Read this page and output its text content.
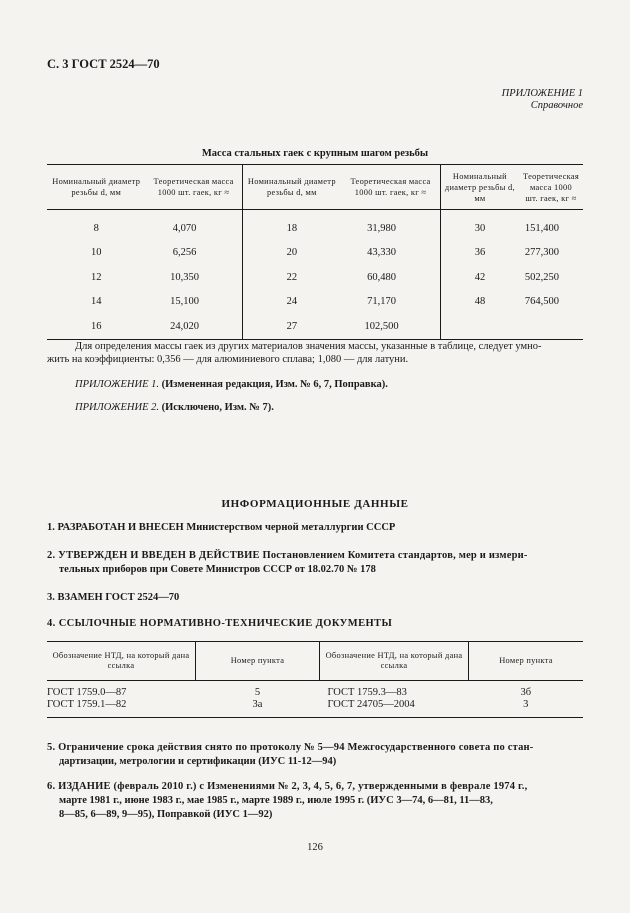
С. 3 ГОСТ 2524—70
ПРИЛОЖЕНИЕ 1
Справочное
Масса стальных гаек с крупным шагом резьбы
Номинальный диаметр резьбы d, мм	Теоретическая масса 1000 шт. гаек, кг ≈	Номинальный диаметр резьбы d, мм	Теоретическая масса 1000 шт. гаек, кг ≈	Номинальный диаметр резьбы d, мм	Теоретическая масса 1000 шт. гаек, кг ≈
8	4,070	18	31,980	30	151,400
10	6,256	20	43,330	36	277,300
12	10,350	22	60,480	42	502,250
14	15,100	24	71,170	48	764,500
16	24,020	27	102,500		
Для определения массы гаек из других материалов значения массы, указанные в таблице, следует умно-
жить на коэффициенты: 0,356 — для алюминиевого сплава; 1,080 — для латуни.
ПРИЛОЖЕНИЕ 1. (Измененная редакция, Изм. № 6, 7, Поправка).
ПРИЛОЖЕНИЕ 2. (Исключено, Изм. № 7).
ИНФОРМАЦИОННЫЕ ДАННЫЕ
1. РАЗРАБОТАН И ВНЕСЕН Министерством черной металлургии СССР
2. УТВЕРЖДЕН И ВВЕДЕН В ДЕЙСТВИЕ Постановлением Комитета стандартов, мер и измери-
тельных приборов при Совете Министров СССР от 18.02.70 № 178
3. ВЗАМЕН ГОСТ 2524—70
4. ССЫЛОЧНЫЕ НОРМАТИВНО-ТЕХНИЧЕСКИЕ ДОКУМЕНТЫ
Обозначение НТД, на который дана ссылка	Номер пункта	Обозначение НТД, на который дана ссылка	Номер пункта
ГОСТ 1759.0—87	5	ГОСТ 1759.3—83	3б
ГОСТ 1759.1—82	3а	ГОСТ 24705—2004	3
5. Ограничение срока действия снято по протоколу № 5—94 Межгосударственного совета по стан-
дартизации, метрологии и сертификации (ИУС 11-12—94)
6. ИЗДАНИЕ (февраль 2010 г.) с Изменениями № 2, 3, 4, 5, 6, 7, утвержденными в феврале 1974 г.,
марте 1981 г., июне 1983 г., мае 1985 г., марте 1989 г., июле 1995 г. (ИУС 3—74, 6—81, 11—83,
8—85, 6—89, 9—95), Поправкой (ИУС 1—92)
126
